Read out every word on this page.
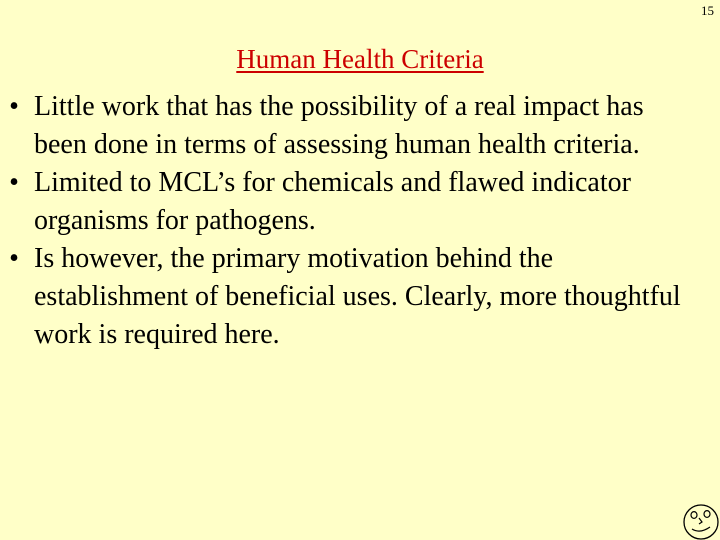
15
Human Health Criteria
• Little work that has the possibility of a real impact has been done in terms of assessing human health criteria.
• Limited to MCL’s for chemicals and flawed indicator organisms for pathogens.
• Is however, the primary motivation behind the establishment of beneficial uses. Clearly, more thoughtful work is required here.
